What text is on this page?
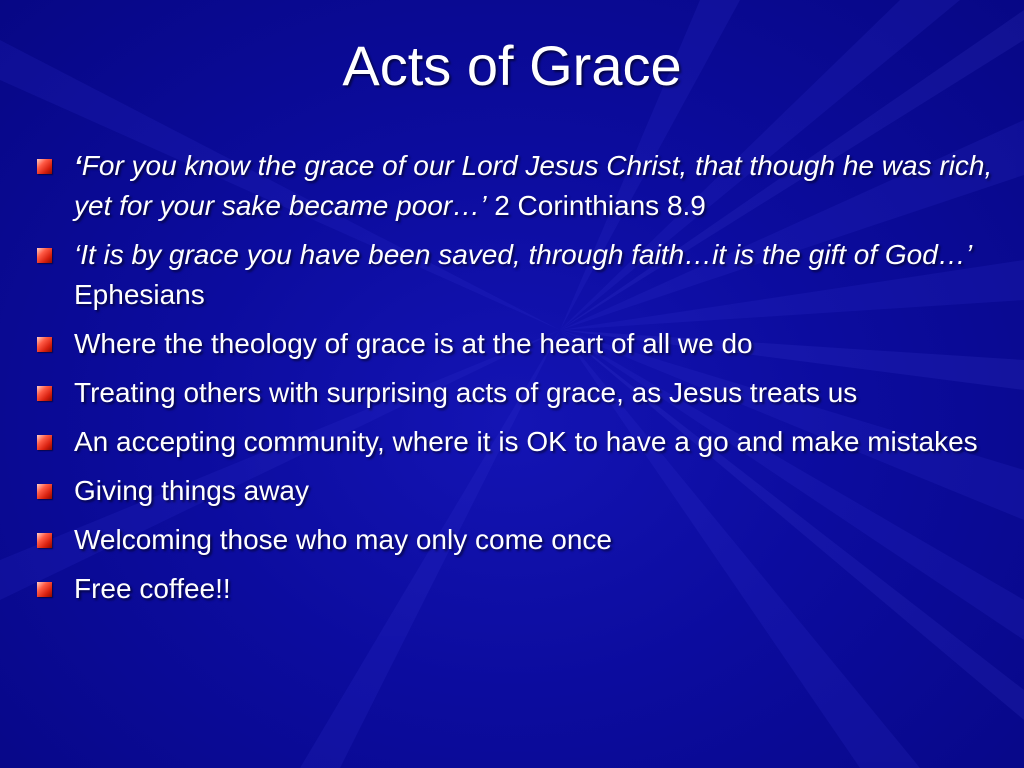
Acts of Grace
‘For you know the grace of our Lord Jesus Christ, that though he was rich, yet for your sake became poor…’ 2 Corinthians 8.9
‘It is by grace you have been saved, through faith…it is the gift of God…’ Ephesians
Where the theology of grace is at the heart of all we do
Treating others with surprising acts of grace, as Jesus treats us
An accepting community, where it is OK to have a go and make mistakes
Giving things away
Welcoming those who may only come once
Free coffee!!
